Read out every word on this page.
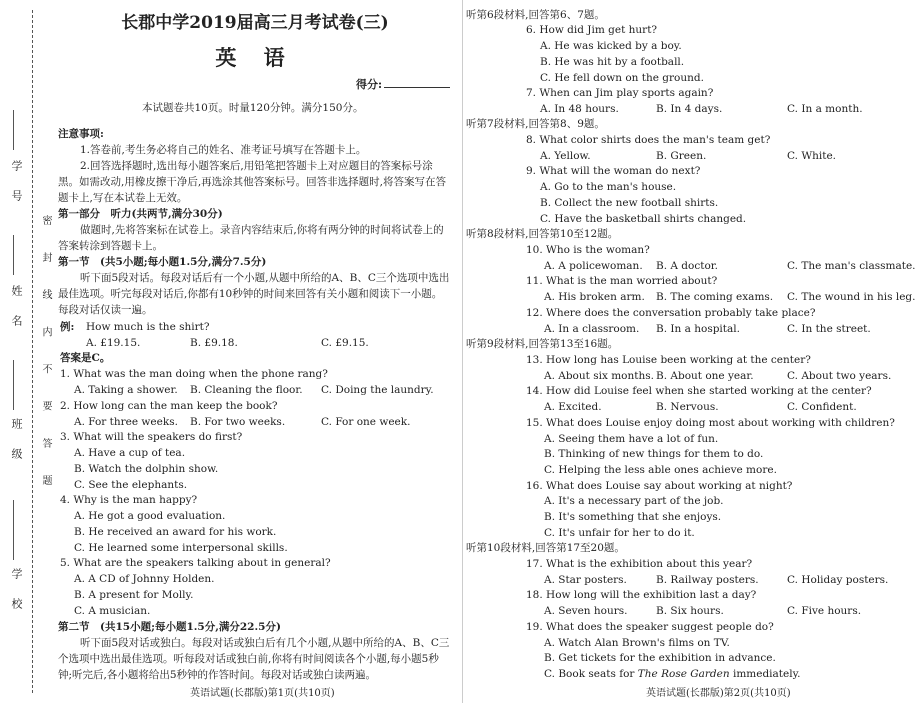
学
号
姓
名
班
级
学
校
密 封 线 内 不 要 答 题
长郡中学2019届高三月考试卷(三)
英 语
得分:
本试题卷共10页。时量120分钟。满分150分。
注意事项:
1.答卷前,考生务必将自己的姓名、准考证号填写在答题卡上。
2.回答选择题时,选出每小题答案后,用铅笔把答题卡上对应题目的答案标号涂
黑。如需改动,用橡皮擦干净后,再选涂其他答案标号。回答非选择题时,将答案写在答
题卡上,写在本试卷上无效。
第一部分　听力(共两节,满分30分)
做题时,先将答案标在试卷上。录音内容结束后,你将有两分钟的时间将试卷上的
答案转涂到答题卡上。
第一节　(共5小题;每小题1.5分,满分7.5分)
听下面5段对话。每段对话后有一个小题,从题中所给的A、B、C三个选项中选出
最佳选项。听完每段对话后,你都有10秒钟的时间来回答有关小题和阅读下一小题。
每段对话仅读一遍。
例: How much is the shirt?
A. £19.15.	B. £9.18.	C. £9.15.
答案是C。
1. What was the man doing when the phone rang?
A. Taking a shower. B. Cleaning the floor. C. Doing the laundry.
2. How long can the man keep the book?
A. For three weeks. B. For two weeks.	C. For one week.
3. What will the speakers do first?
A. Have a cup of tea.
B. Watch the dolphin show.
C. See the elephants.
4. Why is the man happy?
A. He got a good evaluation.
B. He received an award for his work.
C. He learned some interpersonal skills.
5. What are the speakers talking about in general?
A. A CD of Johnny Holden.
B. A present for Molly.
C. A musician.
第二节　(共15小题;每小题1.5分,满分22.5分)
听下面5段对话或独白。每段对话或独白后有几个小题,从题中所给的A、B、C三
个选项中选出最佳选项。听每段对话或独白前,你将有时间阅读各个小题,每小题5秒
钟;听完后,各小题将给出5秒钟的作答时间。每段对话或独白读两遍。
英语试题(长郡版)第1页(共10页)
听第6段材料,回答第6、7题。
6. How did Jim get hurt?
A. He was kicked by a boy.
B. He was hit by a football.
C. He fell down on the ground.
7. When can Jim play sports again?
A. In 48 hours.	B. In 4 days.	C. In a month.
听第7段材料,回答第8、9题。
8. What color shirts does the man's team get?
A. Yellow.	B. Green.	C. White.
9. What will the woman do next?
A. Go to the man's house.
B. Collect the new football shirts.
C. Have the basketball shirts changed.
听第8段材料,回答第10至12题。
10. Who is the woman?
A. A policewoman. B. A doctor.	C. The man's classmate.
11. What is the man worried about?
A. His broken arm. B. The coming exams. C. The wound in his leg.
12. Where does the conversation probably take place?
A. In a classroom. B. In a hospital.	C. In the street.
听第9段材料,回答第13至16题。
13. How long has Louise been working at the center?
A. About six months. B. About one year.	C. About two years.
14. How did Louise feel when she started working at the center?
A. Excited.	B. Nervous.	C. Confident.
15. What does Louise enjoy doing most about working with children?
A. Seeing them have a lot of fun.
B. Thinking of new things for them to do.
C. Helping the less able ones achieve more.
16. What does Louise say about working at night?
A. It's a necessary part of the job.
B. It's something that she enjoys.
C. It's unfair for her to do it.
听第10段材料,回答第17至20题。
17. What is the exhibition about this year?
A. Star posters.	B. Railway posters.	C. Holiday posters.
18. How long will the exhibition last a day?
A. Seven hours.	B. Six hours.	C. Five hours.
19. What does the speaker suggest people do?
A. Watch Alan Brown's films on TV.
B. Get tickets for the exhibition in advance.
C. Book seats for The Rose Garden immediately.
英语试题(长郡版)第2页(共10页)
